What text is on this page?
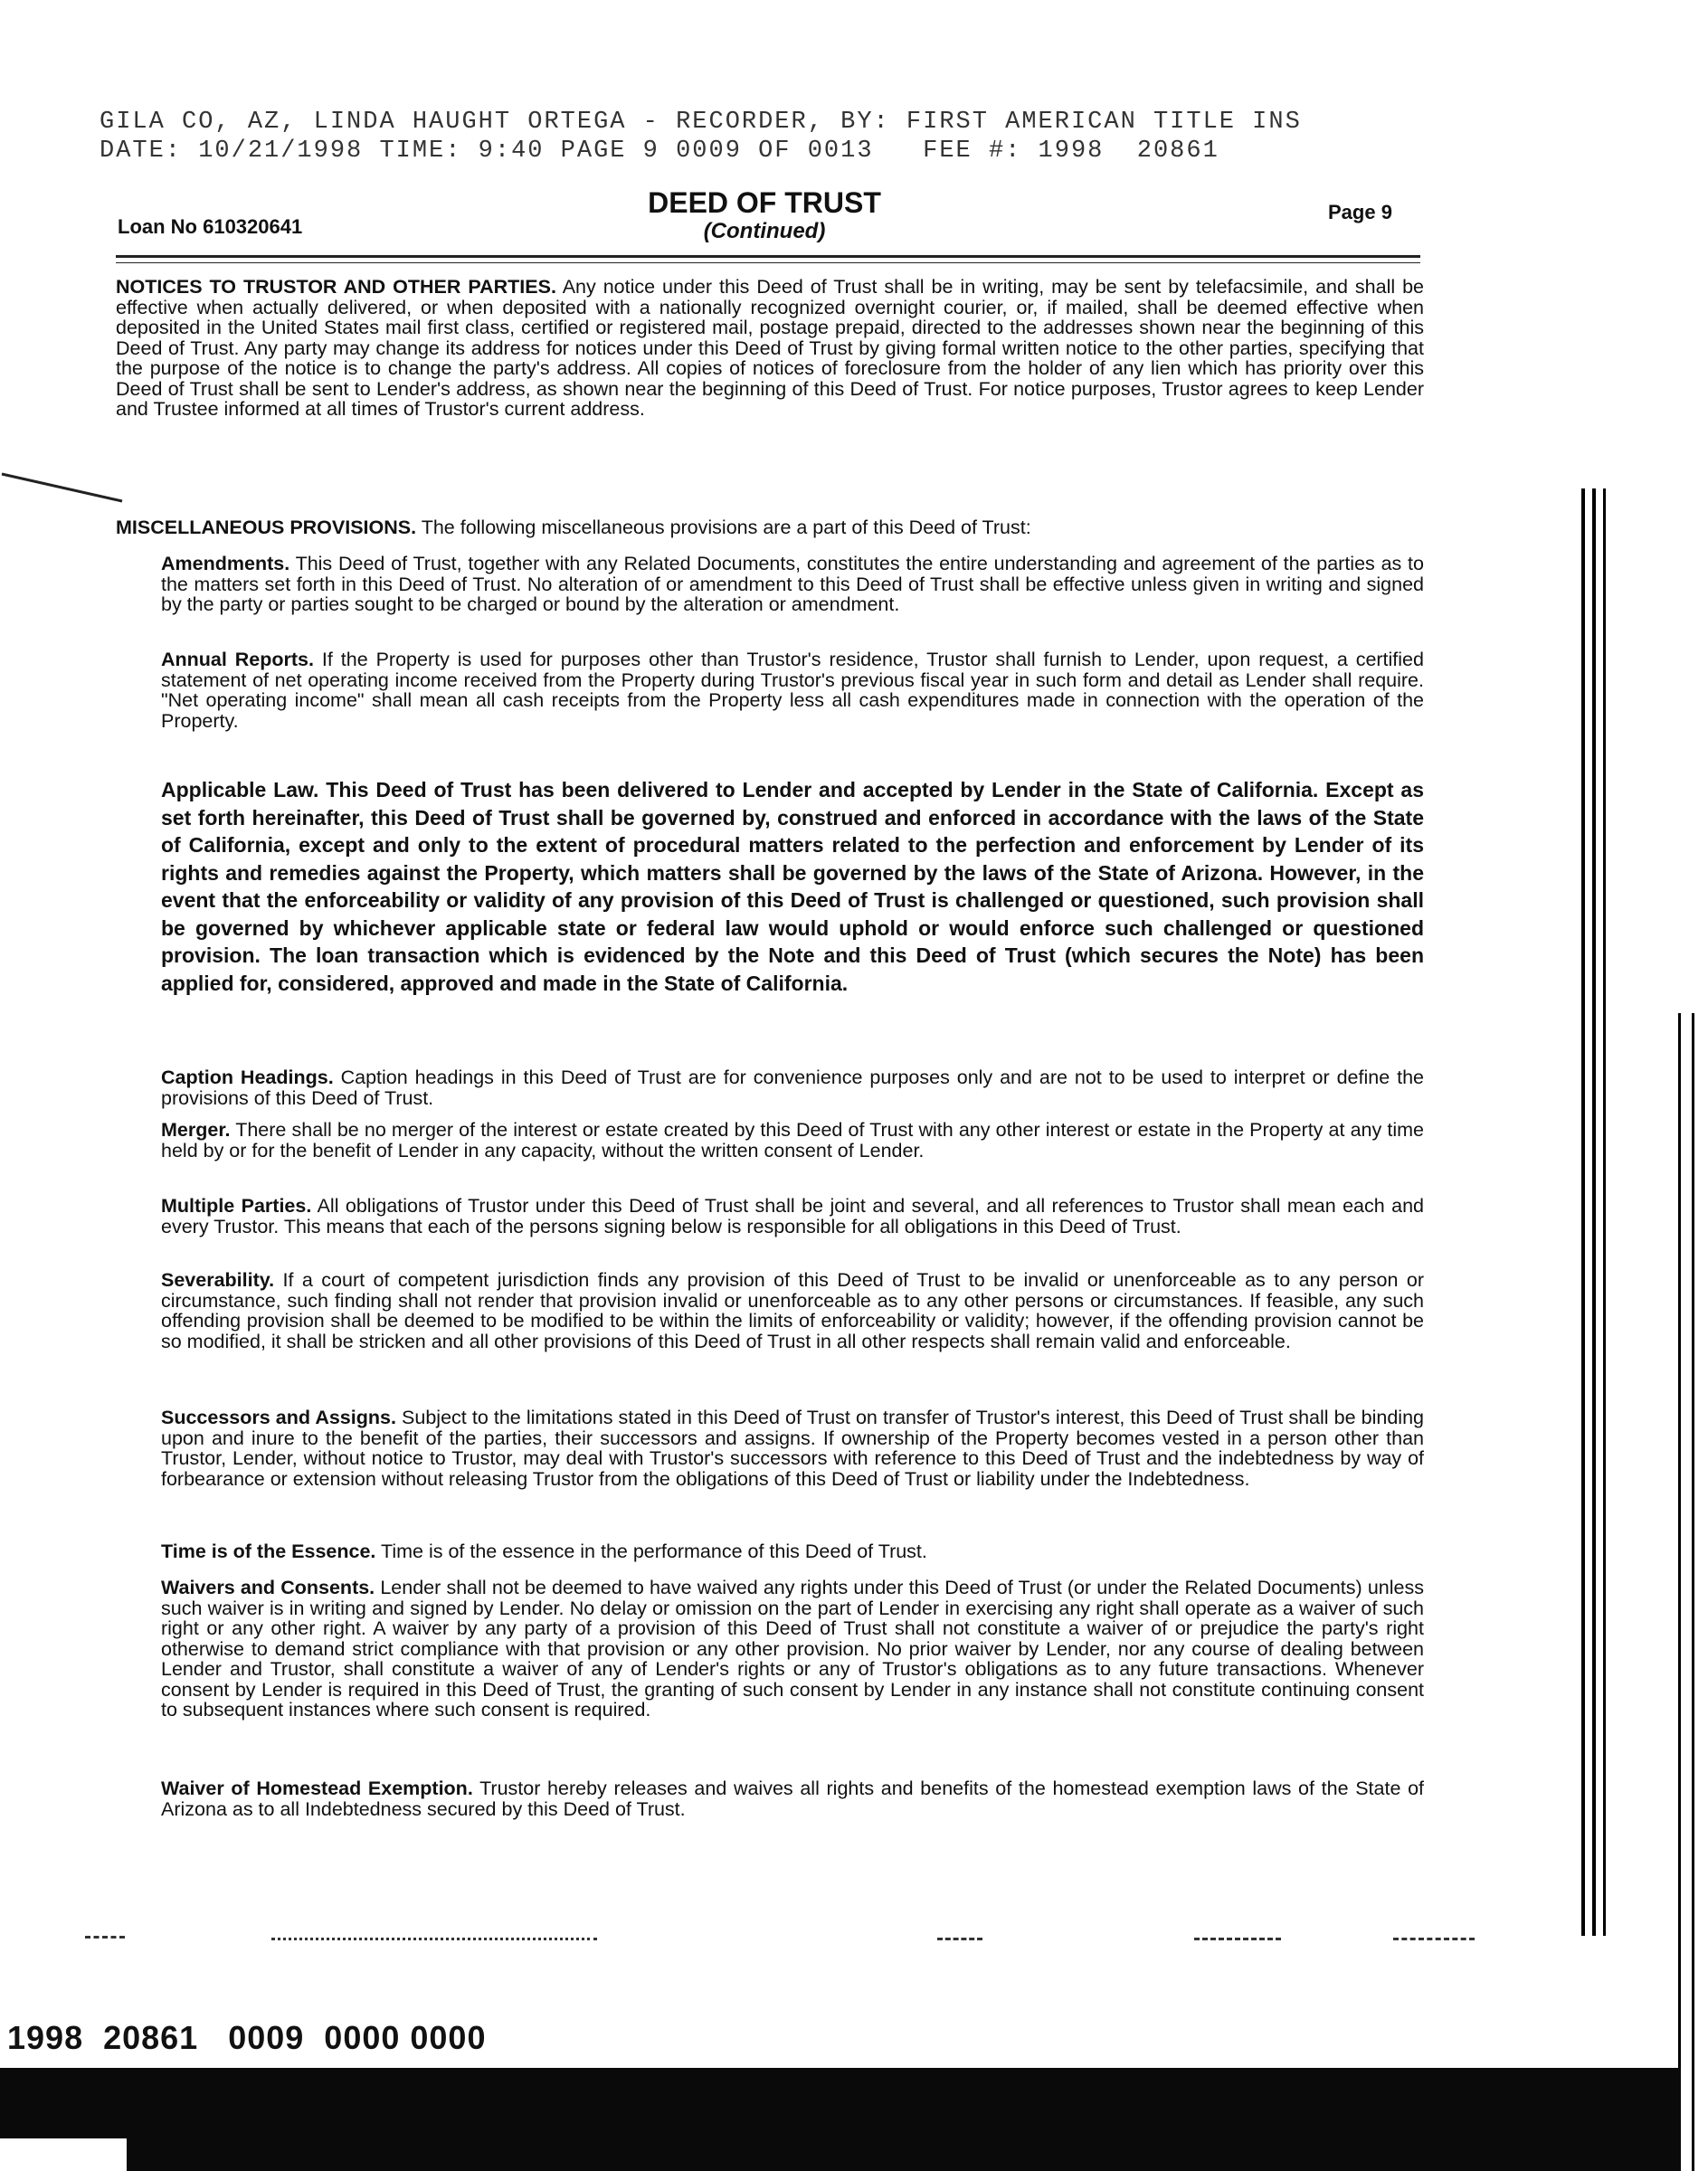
GILA CO, AZ, LINDA HAUGHT ORTEGA - RECORDER, BY: FIRST AMERICAN TITLE INS
DATE: 10/21/1998 TIME: 9:40 PAGE 9 0009 OF 0013   FEE #: 1998  20861
Loan No 610320641
DEED OF TRUST
(Continued)
Page 9
NOTICES TO TRUSTOR AND OTHER PARTIES. Any notice under this Deed of Trust shall be in writing, may be sent by telefacsimile, and shall be effective when actually delivered, or when deposited with a nationally recognized overnight courier, or, if mailed, shall be deemed effective when deposited in the United States mail first class, certified or registered mail, postage prepaid, directed to the addresses shown near the beginning of this Deed of Trust. Any party may change its address for notices under this Deed of Trust by giving formal written notice to the other parties, specifying that the purpose of the notice is to change the party's address. All copies of notices of foreclosure from the holder of any lien which has priority over this Deed of Trust shall be sent to Lender's address, as shown near the beginning of this Deed of Trust. For notice purposes, Trustor agrees to keep Lender and Trustee informed at all times of Trustor's current address.
MISCELLANEOUS PROVISIONS. The following miscellaneous provisions are a part of this Deed of Trust:
Amendments. This Deed of Trust, together with any Related Documents, constitutes the entire understanding and agreement of the parties as to the matters set forth in this Deed of Trust. No alteration of or amendment to this Deed of Trust shall be effective unless given in writing and signed by the party or parties sought to be charged or bound by the alteration or amendment.
Annual Reports. If the Property is used for purposes other than Trustor's residence, Trustor shall furnish to Lender, upon request, a certified statement of net operating income received from the Property during Trustor's previous fiscal year in such form and detail as Lender shall require. "Net operating income" shall mean all cash receipts from the Property less all cash expenditures made in connection with the operation of the Property.
Applicable Law. This Deed of Trust has been delivered to Lender and accepted by Lender in the State of California. Except as set forth hereinafter, this Deed of Trust shall be governed by, construed and enforced in accordance with the laws of the State of California, except and only to the extent of procedural matters related to the perfection and enforcement by Lender of its rights and remedies against the Property, which matters shall be governed by the laws of the State of Arizona. However, in the event that the enforceability or validity of any provision of this Deed of Trust is challenged or questioned, such provision shall be governed by whichever applicable state or federal law would uphold or would enforce such challenged or questioned provision. The loan transaction which is evidenced by the Note and this Deed of Trust (which secures the Note) has been applied for, considered, approved and made in the State of California.
Caption Headings. Caption headings in this Deed of Trust are for convenience purposes only and are not to be used to interpret or define the provisions of this Deed of Trust.
Merger. There shall be no merger of the interest or estate created by this Deed of Trust with any other interest or estate in the Property at any time held by or for the benefit of Lender in any capacity, without the written consent of Lender.
Multiple Parties. All obligations of Trustor under this Deed of Trust shall be joint and several, and all references to Trustor shall mean each and every Trustor. This means that each of the persons signing below is responsible for all obligations in this Deed of Trust.
Severability. If a court of competent jurisdiction finds any provision of this Deed of Trust to be invalid or unenforceable as to any person or circumstance, such finding shall not render that provision invalid or unenforceable as to any other persons or circumstances. If feasible, any such offending provision shall be deemed to be modified to be within the limits of enforceability or validity; however, if the offending provision cannot be so modified, it shall be stricken and all other provisions of this Deed of Trust in all other respects shall remain valid and enforceable.
Successors and Assigns. Subject to the limitations stated in this Deed of Trust on transfer of Trustor's interest, this Deed of Trust shall be binding upon and inure to the benefit of the parties, their successors and assigns. If ownership of the Property becomes vested in a person other than Trustor, Lender, without notice to Trustor, may deal with Trustor's successors with reference to this Deed of Trust and the indebtedness by way of forbearance or extension without releasing Trustor from the obligations of this Deed of Trust or liability under the Indebtedness.
Time is of the Essence. Time is of the essence in the performance of this Deed of Trust.
Waivers and Consents. Lender shall not be deemed to have waived any rights under this Deed of Trust (or under the Related Documents) unless such waiver is in writing and signed by Lender. No delay or omission on the part of Lender in exercising any right shall operate as a waiver of such right or any other right. A waiver by any party of a provision of this Deed of Trust shall not constitute a waiver of or prejudice the party's right otherwise to demand strict compliance with that provision or any other provision. No prior waiver by Lender, nor any course of dealing between Lender and Trustor, shall constitute a waiver of any of Lender's rights or any of Trustor's obligations as to any future transactions. Whenever consent by Lender is required in this Deed of Trust, the granting of such consent by Lender in any instance shall not constitute continuing consent to subsequent instances where such consent is required.
Waiver of Homestead Exemption. Trustor hereby releases and waives all rights and benefits of the homestead exemption laws of the State of Arizona as to all Indebtedness secured by this Deed of Trust.
1998  20861   0009  0000 0000
